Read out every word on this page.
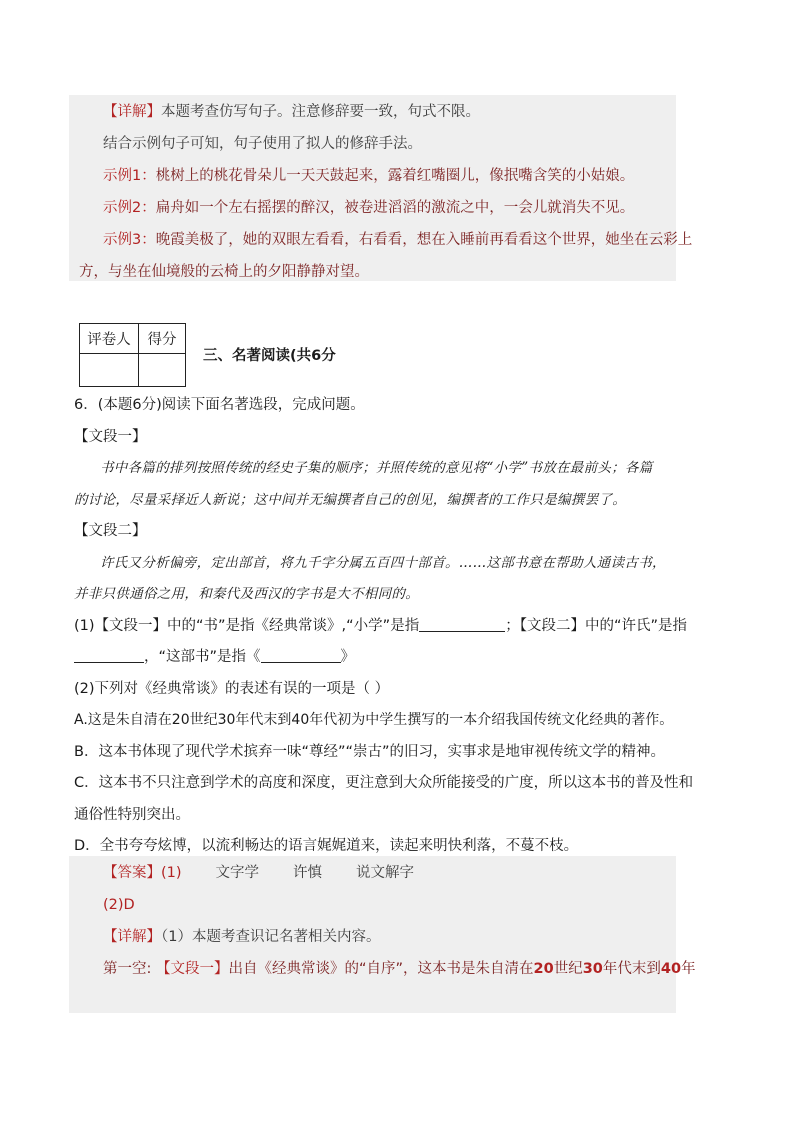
【详解】本题考查仿写句子。注意修辞要一致，句式不限。
结合示例句子可知，句子使用了拟人的修辞手法。
示例1：桃树上的桃花骨朵儿一天天鼓起来，露着红嘴圈儿，像抿嘴含笑的小姑娘。
示例2：扁舟如一个左右摇摆的醉汉，被卷进滔滔的激流之中，一会儿就消失不见。
示例3：晚霞美极了，她的双眼左看看，右看看，想在入睡前再看看这个世界，她坐在云彩上
方，与坐在仙境般的云椅上的夕阳静静对望。
评卷人	得分

三、名著阅读(共6分
6．(本题6分)阅读下面名著选段，完成问题。
【文段一】
书中各篇的排列按照传统的经史子集的顺序；并照传统的意见将“小学”书放在最前头；各篇
的讨论，尽量采择近人新说；这中间并无编撰者自己的创见，编撰者的工作只是编撰罢了。
【文段二】
许氏又分析偏旁，定出部首，将九千字分属五百四十部首。……这部书意在帮助人通读古书，
并非只供通俗之用，和秦代及西汉的字书是大不相同的。
(1)【文段一】中的“书”是指《经典常谈》,“小学”是指	；【文段二】中的“许氏”是指
，“这部书”是指《	》
(2)下列对《经典常谈》的表述有误的一项是（ ）
A.这是朱自清在20世纪30年代末到40年代初为中学生撰写的一本介绍我国传统文化经典的著作。
B．这本书体现了现代学术摈弃一味“尊经”“崇古”的旧习，实事求是地审视传统文学的精神。
C．这本书不只注意到学术的高度和深度，更注意到大众所能接受的广度，所以这本书的普及性和
通俗性特别突出。
D．全书夸夸炫博，以流利畅达的语言娓娓道来，读起来明快利落，不蔓不枝。
【答案】(1) 文字学 许慎 说文解字
(2)D
【详解】（1）本题考查识记名著相关内容。
第一空: 【文段一】出自《经典常谈》的“自序”，这本书是朱自清在20世纪30年代末到40年
